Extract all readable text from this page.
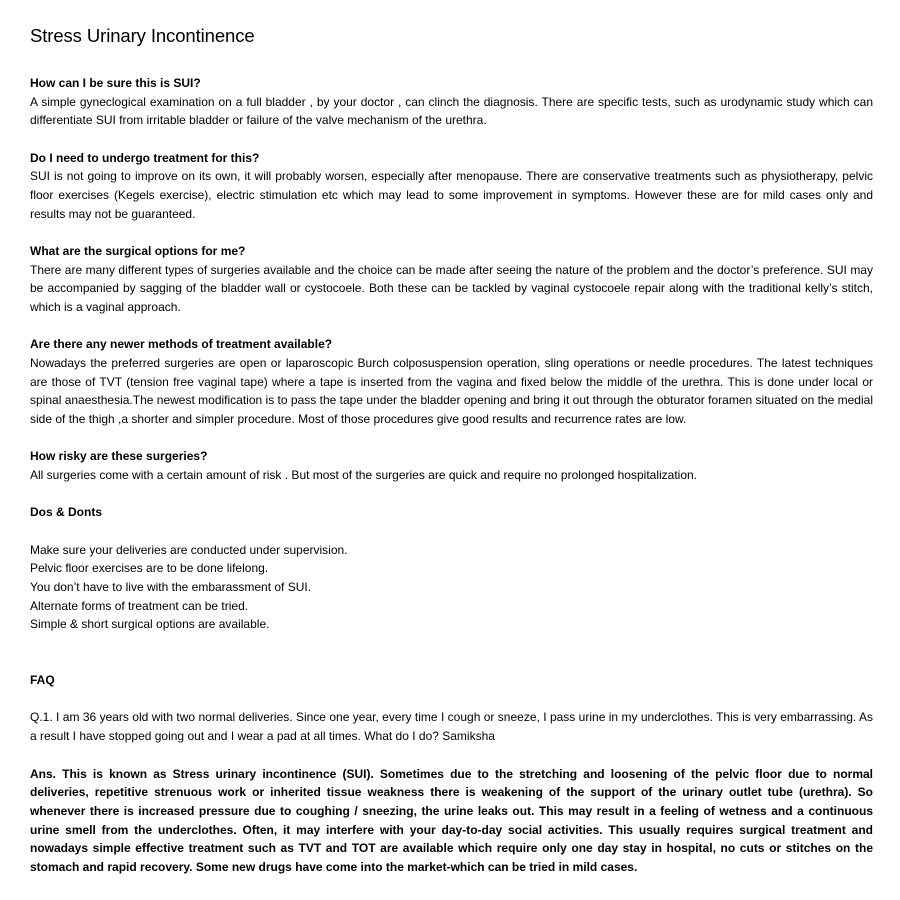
Stress Urinary Incontinence

How can I be sure this is SUI?

A simple gyneclogical examination on a full bladder , by your doctor , can clinch the diagnosis. There are specific tests, such as urodynamic study which can differentiate SUI from irritable bladder or failure of the valve mechanism of the urethra.

Do I need to undergo treatment for this?

SUI is not going to improve on its own, it will probably worsen, especially after menopause. There are conservative treatments such as physiotherapy, pelvic floor exercises (Kegels exercise), electric stimulation etc which may lead to some improvement in symptoms. However these are for mild cases only and results may not be guaranteed.

What are the surgical options for me?

There are many different types of surgeries available and the choice can be made after seeing the nature of the problem and the doctor’s preference. SUI may be accompanied by sagging of the bladder wall or cystocoele. Both these can be tackled by vaginal cystocoele repair along with the traditional kelly’s stitch, which is a vaginal approach.

Are there any newer methods of treatment available?

Nowadays the preferred surgeries are open or laparoscopic Burch colposuspension operation, sling operations or needle procedures. The latest techniques are those of TVT (tension free vaginal tape) where a tape is inserted from the vagina and fixed below the middle of the urethra. This is done under local or spinal anaesthesia.The newest modification is to pass the tape under the bladder opening and bring it out through the obturator foramen situated on the medial side of the thigh ,a shorter and simpler procedure. Most of those procedures give good results and recurrence rates are low.

How risky are these surgeries?

All surgeries come with a certain amount of risk . But most of the surgeries are quick and require no prolonged hospitalization.

Dos & Donts

Make sure your deliveries are conducted under supervision.
Pelvic floor exercises are to be done lifelong.
You don’t have to live with the embarassment of SUI.
Alternate forms of treatment can be tried.
Simple & short surgical options are available.

FAQ

Q.1. I am 36 years old with two normal deliveries. Since one year, every time I cough or sneeze, I pass urine in my underclothes. This is very embarrassing. As a result I have stopped going out and I wear a pad at all times. What do I do? Samiksha

Ans. This is known as Stress urinary incontinence (SUI). Sometimes due to the stretching and loosening of the pelvic floor due to normal deliveries, repetitive strenuous work or inherited tissue weakness there is weakening of the support of the urinary outlet tube (urethra). So whenever there is increased pressure due to coughing / sneezing, the urine leaks out. This may result in a feeling of wetness and a continuous urine smell from the underclothes. Often, it may interfere with your day-to-day social activities. This usually requires surgical treatment and nowadays simple effective treatment such as TVT and TOT are available which require only one day stay in hospital, no cuts or stitches on the stomach and rapid recovery. Some new drugs have come into the market-which can be tried in mild cases.
